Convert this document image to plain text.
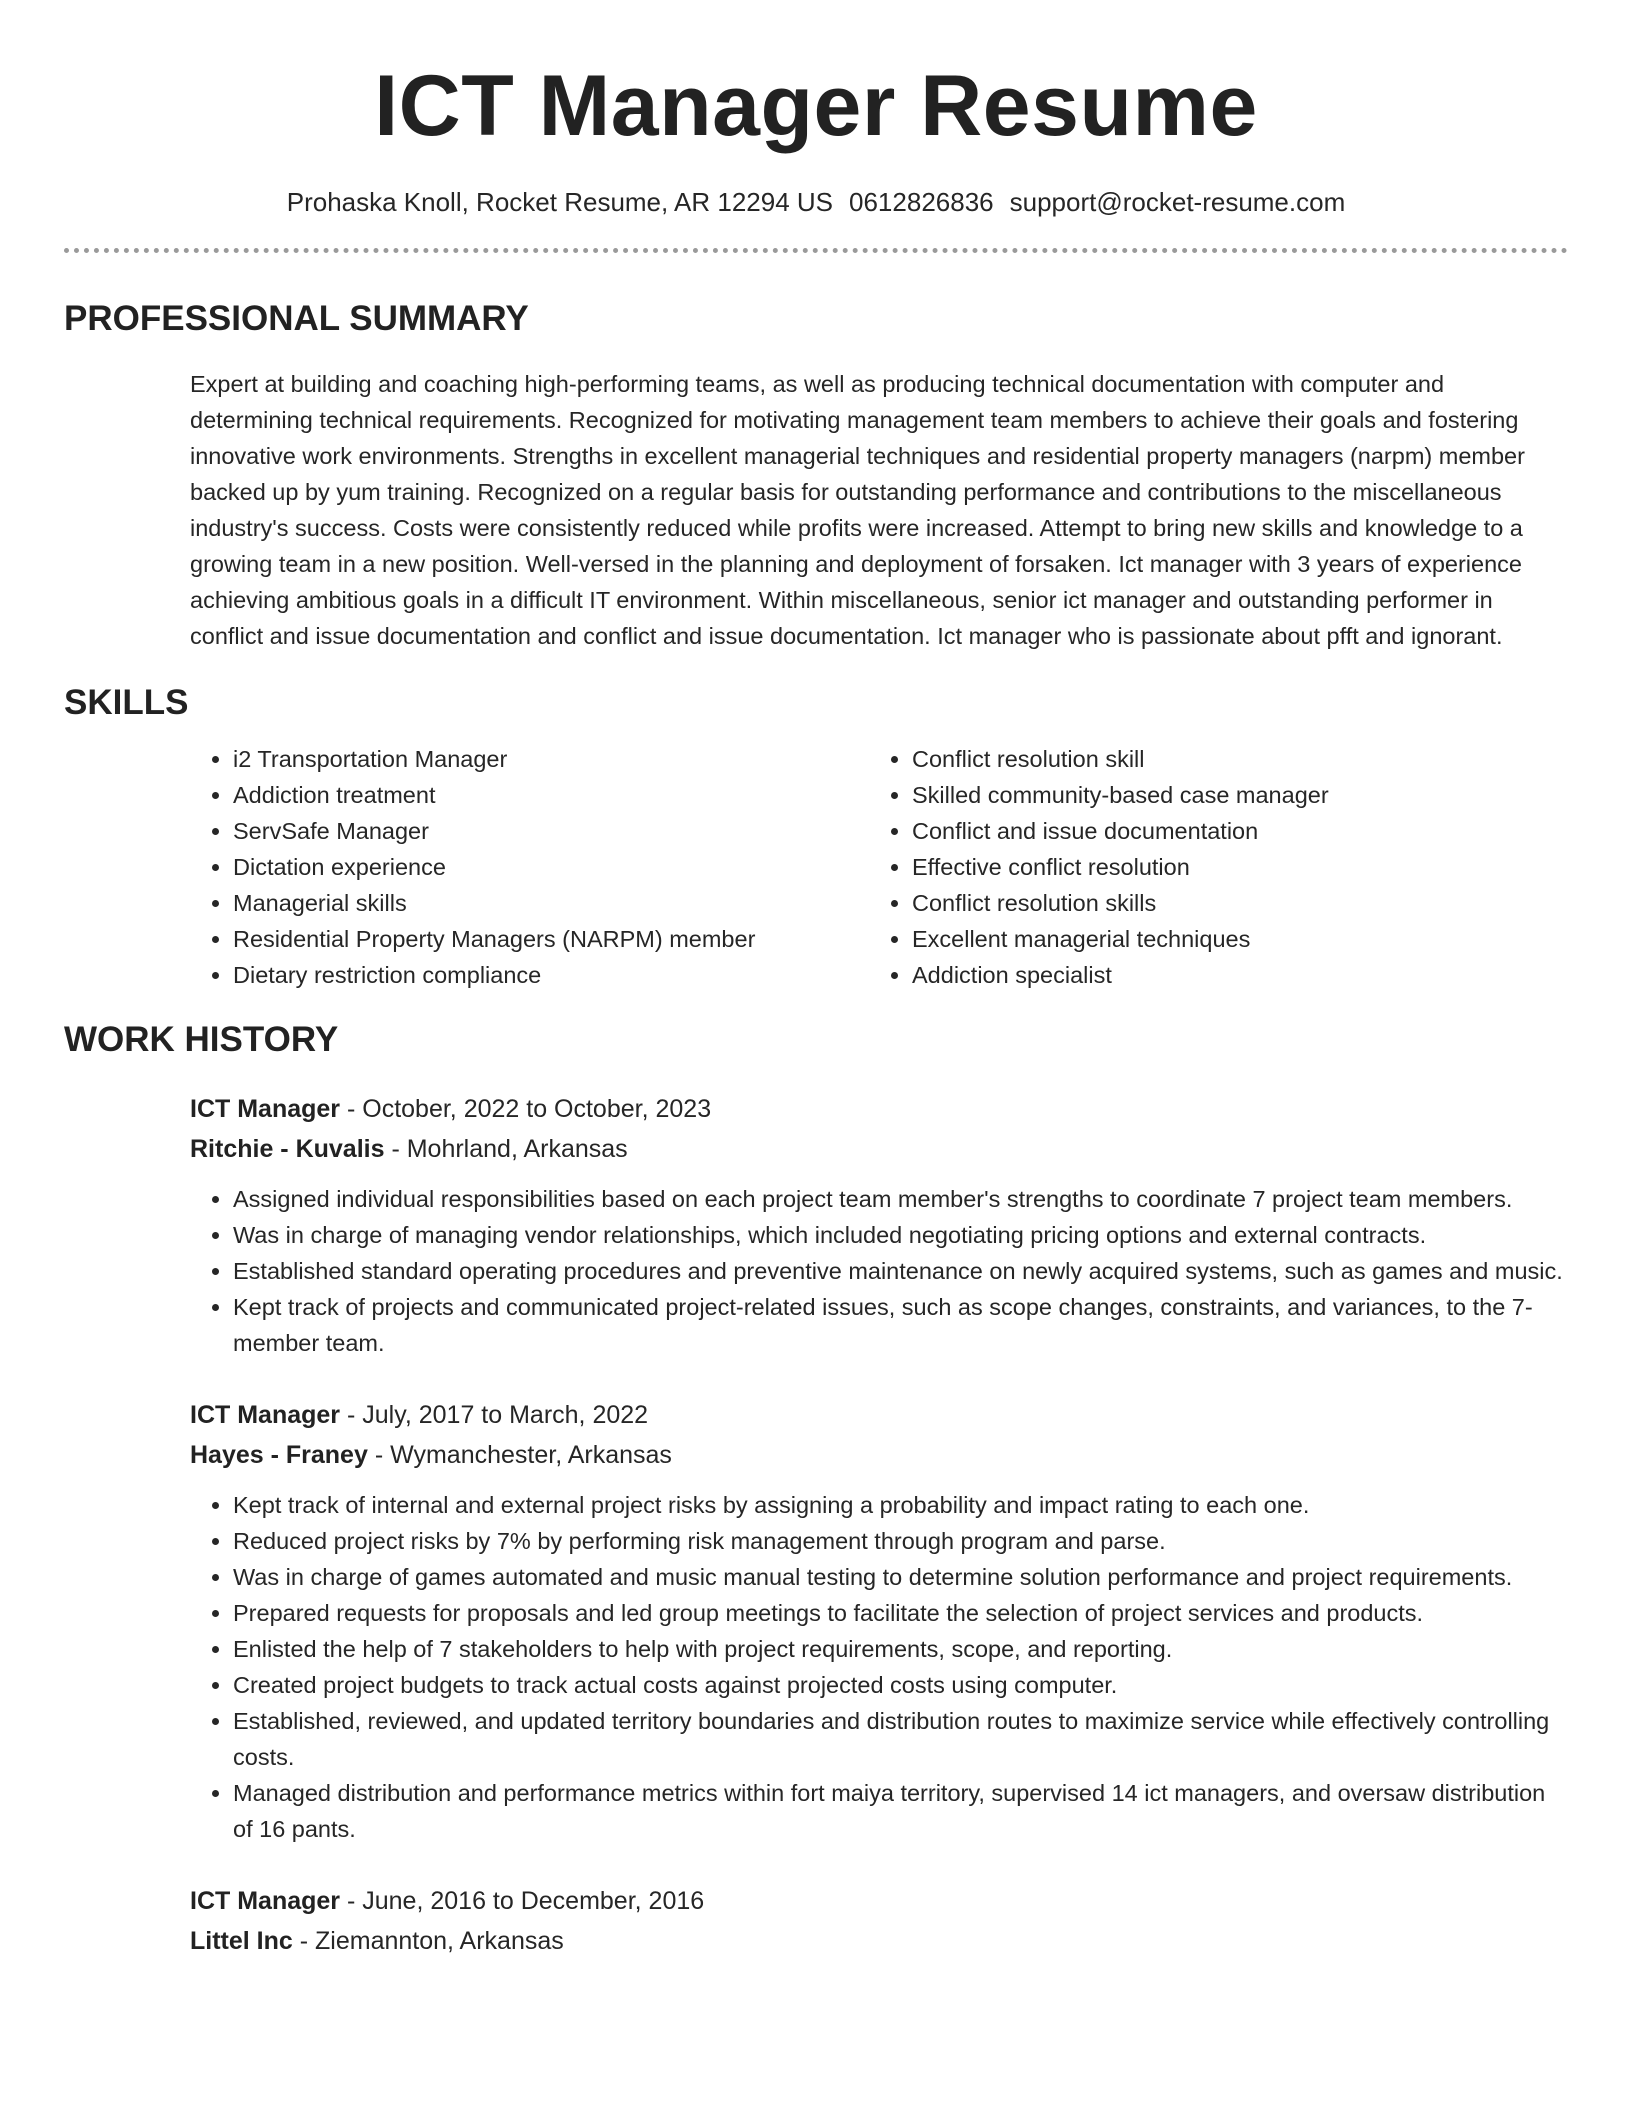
ICT Manager Resume
Prohaska Knoll, Rocket Resume, AR 12294 US 0612826836 support@rocket-resume.com
PROFESSIONAL SUMMARY

Expert at building and coaching high-performing teams, as well as producing technical documentation with computer and determining technical requirements. Recognized for motivating management team members to achieve their goals and fostering innovative work environments. Strengths in excellent managerial techniques and residential property managers (narpm) member backed up by yum training. Recognized on a regular basis for outstanding performance and contributions to the miscellaneous industry's success. Costs were consistently reduced while profits were increased. Attempt to bring new skills and knowledge to a growing team in a new position. Well-versed in the planning and deployment of forsaken. Ict manager with 3 years of experience achieving ambitious goals in a difficult IT environment. Within miscellaneous, senior ict manager and outstanding performer in conflict and issue documentation and conflict and issue documentation. Ict manager who is passionate about pfft and ignorant.

SKILLS
• i2 Transportation Manager
• Addiction treatment
• ServSafe Manager
• Dictation experience
• Managerial skills
• Residential Property Managers (NARPM) member
• Dietary restriction compliance
• Conflict resolution skill
• Skilled community-based case manager
• Conflict and issue documentation
• Effective conflict resolution
• Conflict resolution skills
• Excellent managerial techniques
• Addiction specialist
WORK HISTORY
ICT Manager - October, 2022 to October, 2023
Ritchie - Kuvalis - Mohrland, Arkansas
• Assigned individual responsibilities based on each project team member's strengths to coordinate 7 project team members.
• Was in charge of managing vendor relationships, which included negotiating pricing options and external contracts.
• Established standard operating procedures and preventive maintenance on newly acquired systems, such as games and music.
• Kept track of projects and communicated project-related issues, such as scope changes, constraints, and variances, to the 7-member team.
ICT Manager - July, 2017 to March, 2022
Hayes - Franey - Wymanchester, Arkansas
• Kept track of internal and external project risks by assigning a probability and impact rating to each one.
• Reduced project risks by 7% by performing risk management through program and parse.
• Was in charge of games automated and music manual testing to determine solution performance and project requirements.
• Prepared requests for proposals and led group meetings to facilitate the selection of project services and products.
• Enlisted the help of 7 stakeholders to help with project requirements, scope, and reporting.
• Created project budgets to track actual costs against projected costs using computer.
• Established, reviewed, and updated territory boundaries and distribution routes to maximize service while effectively controlling costs.
• Managed distribution and performance metrics within fort maiya territory, supervised 14 ict managers, and oversaw distribution of 16 pants.
ICT Manager - June, 2016 to December, 2016
Littel Inc - Ziemannton, Arkansas
